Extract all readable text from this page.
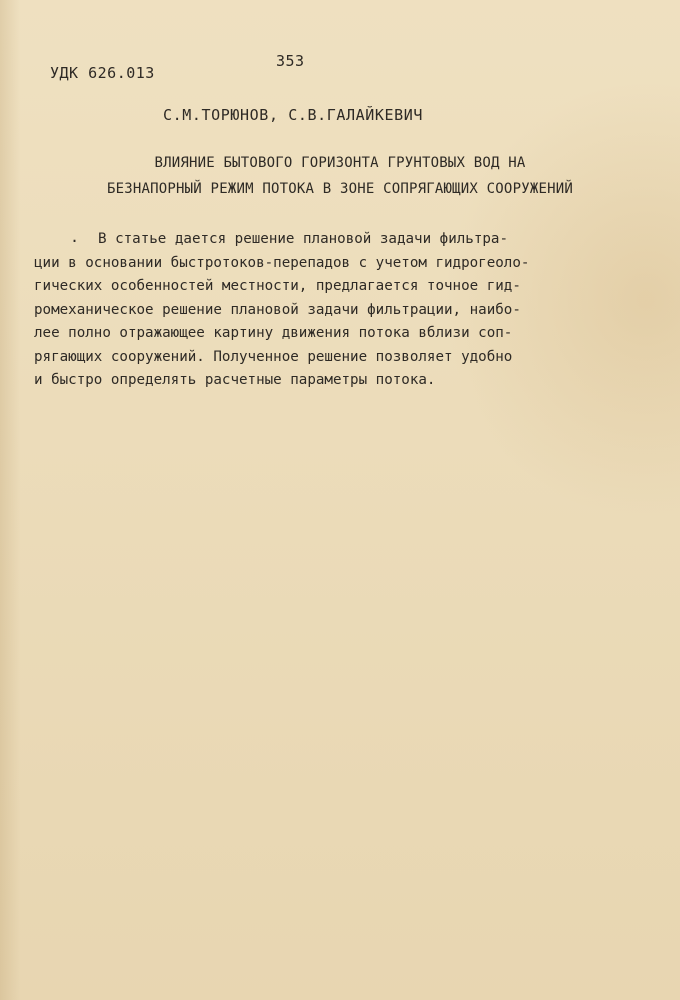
УДК 626.013
353
С.М.ТОРЮНОВ, С.В.ГАЛАЙКЕВИЧ
ВЛИЯНИЕ БЫТОВОГО ГОРИЗОНТА ГРУНТОВЫХ ВОД НА
БЕЗНАПОРНЫЙ РЕЖИМ ПОТОКА В ЗОНЕ СОПРЯГАЮЩИХ СООРУЖЕНИЙ
·	В статье дается решение плановой задачи фильтра-
ции в основании быстротоков-перепадов с учетом гидрогеоло-
гических особенностей местности, предлагается точное гид-
ромеханическое решение плановой задачи фильтрации, наибо-
лее полно отражающее картину движения потока вблизи соп-
рягающих сооружений. Полученное решение позволяет удобно
и быстро определять расчетные параметры потока.
